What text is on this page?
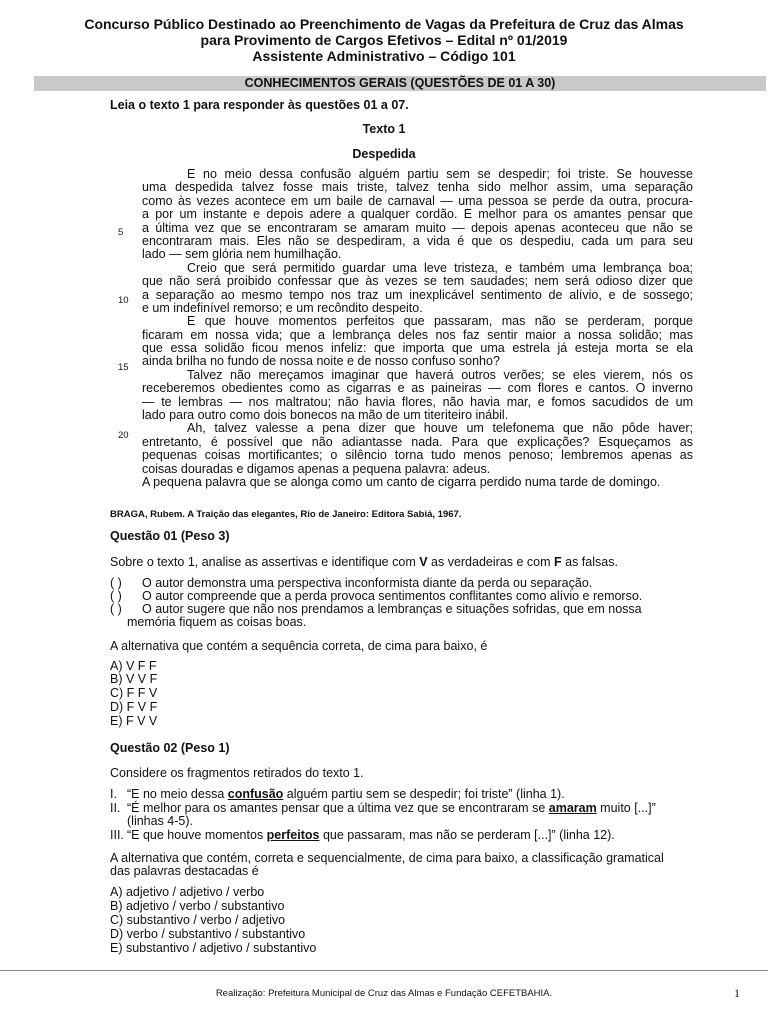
Concurso Público Destinado ao Preenchimento de Vagas da Prefeitura de Cruz das Almas
para Provimento de Cargos Efetivos – Edital nº 01/2019
Assistente Administrativo – Código 101
CONHECIMENTOS GERAIS (QUESTÕES DE 01 A 30)
Leia o texto 1 para responder às questões 01 a 07.
Texto 1
Despedida
5
10
15
20
E no meio dessa confusão alguém partiu sem se despedir; foi triste. Se houvesse
uma despedida talvez fosse mais triste, talvez tenha sido melhor assim, uma separação
como às vezes acontece em um baile de carnaval — uma pessoa se perde da outra, procura-
a por um instante e depois adere a qualquer cordão. É melhor para os amantes pensar que
a última vez que se encontraram se amaram muito — depois apenas aconteceu que não se
encontraram mais. Eles não se despediram, a vida é que os despediu, cada um para seu
lado — sem glória nem humilhação.
Creio que será permitido guardar uma leve tristeza, e também uma lembrança boa;
que não será proibido confessar que às vezes se tem saudades; nem será odioso dizer que
a separação ao mesmo tempo nos traz um inexplicável sentimento de alívio, e de sossego;
e um indefinível remorso; e um recôndito despeito.
E que houve momentos perfeitos que passaram, mas não se perderam, porque
ficaram em nossa vida; que a lembrança deles nos faz sentir maior a nossa solidão; mas
que essa solidão ficou menos infeliz: que importa que uma estrela já esteja morta se ela
ainda brilha no fundo de nossa noite e de nosso confuso sonho?
Talvez não mereçamos imaginar que haverá outros verões; se eles vierem, nós os
receberemos obedientes como as cigarras e as paineiras — com flores e cantos. O inverno
— te lembras — nos maltratou; não havia flores, não havia mar, e fomos sacudidos de um
lado para outro como dois bonecos na mão de um titeriteiro inábil.
Ah, talvez valesse a pena dizer que houve um telefonema que não pôde haver;
entretanto, é possível que não adiantasse nada. Para que explicações? Esqueçamos as
pequenas coisas mortificantes; o silêncio torna tudo menos penoso; lembremos apenas as
coisas douradas e digamos apenas a pequena palavra: adeus.
A pequena palavra que se alonga como um canto de cigarra perdido numa tarde de domingo.
BRAGA, Rubem. A Traição das elegantes, Rio de Janeiro: Editora Sabiá, 1967.
Questão 01 (Peso 3)
Sobre o texto 1, analise as assertivas e identifique com V as verdadeiras e com F as falsas.
( ) O autor demonstra uma perspectiva inconformista diante da perda ou separação.
( ) O autor compreende que a perda provoca sentimentos conflitantes como alívio e remorso.
( ) O autor sugere que não nos prendamos a lembranças e situações sofridas, que em nossa
memória fiquem as coisas boas.
A alternativa que contém a sequência correta, de cima para baixo, é
A) V F F
B) V V F
C) F F V
D) F V F
E) F V V
Questão 02 (Peso 1)
Considere os fragmentos retirados do texto 1.
I. “E no meio dessa confusão alguém partiu sem se despedir; foi triste” (linha 1).
II. “É melhor para os amantes pensar que a última vez que se encontraram se amaram muito [...]”
(linhas 4-5).
III. “E que houve momentos perfeitos que passaram, mas não se perderam [...]” (linha 12).
A alternativa que contém, correta e sequencialmente, de cima para baixo, a classificação gramatical
das palavras destacadas é
A) adjetivo / adjetivo / verbo
B) adjetivo / verbo / substantivo
C) substantivo / verbo / adjetivo
D) verbo / substantivo / substantivo
E) substantivo / adjetivo / substantivo
Realização: Prefeitura Municipal de Cruz das Almas e Fundação CEFETBAHIA.	1
